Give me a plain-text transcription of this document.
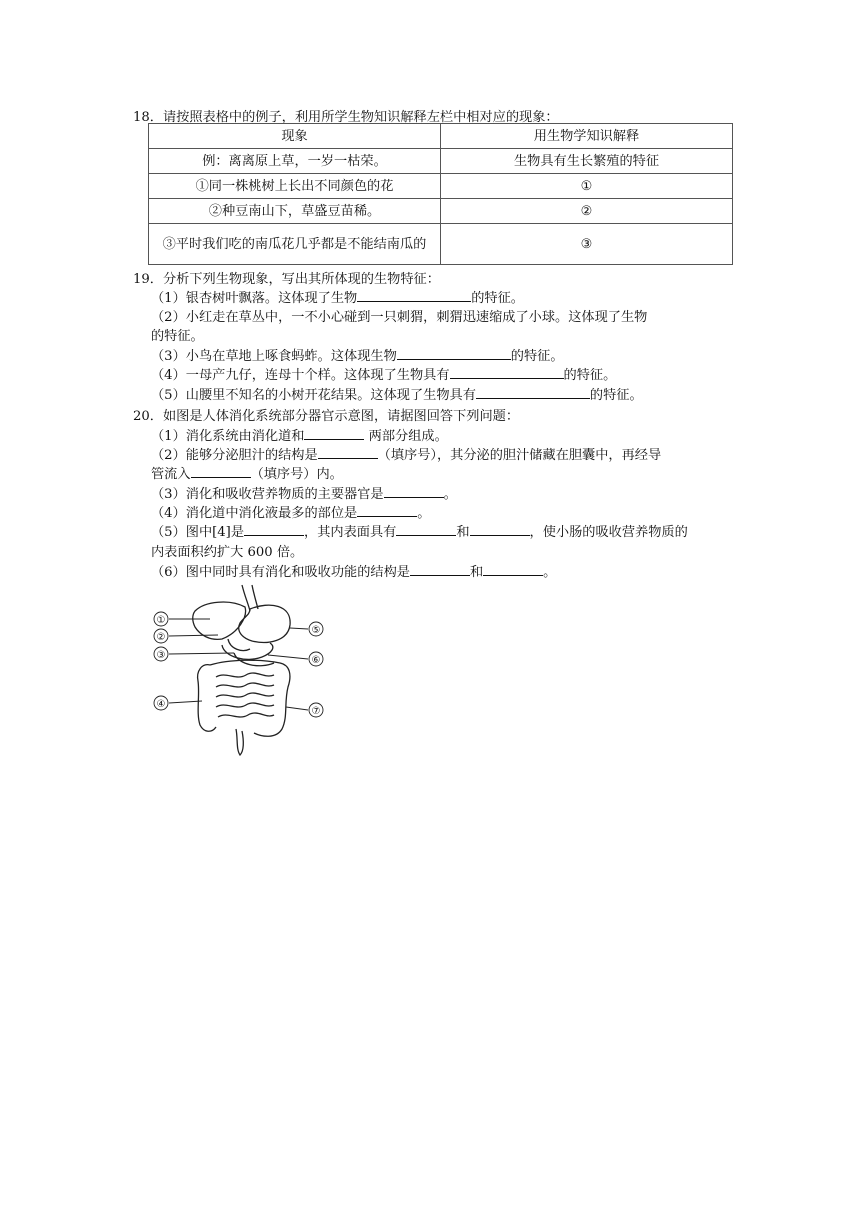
18．请按照表格中的例子，利用所学生物知识解释左栏中相对应的现象：
现象	用生物学知识解释
例：离离原上草，一岁一枯荣。	生物具有生长繁殖的特征
①同一株桃树上长出不同颜色的花	①
②种豆南山下，草盛豆苗稀。	②
③平时我们吃的南瓜花几乎都是不能结南瓜的	③
19．分析下列生物现象，写出其所体现的生物特征：
（1）银杏树叶飘落。这体现了生物	的特征。
（2）小红走在草丛中，一不小心碰到一只刺猬，刺猬迅速缩成了小球。这体现了生物
的特征。
（3）小鸟在草地上啄食蚂蚱。这体现生物	的特征。
（4）一母产九仔，连母十个样。这体现了生物具有	的特征。
（5）山腰里不知名的小树开花结果。这体现了生物具有	的特征。
20．如图是人体消化系统部分器官示意图，请据图回答下列问题：
（1）消化系统由消化道和	两部分组成。
（2）能够分泌胆汁的结构是	（填序号），其分泌的胆汁储藏在胆囊中，再经导
管流入	（填序号）内。
（3）消化和吸收营养物质的主要器官是	。
（4）消化道中消化液最多的部位是	。
（5）图中[4]是	，其内表面具有	和	，使小肠的吸收营养物质的
内表面积约扩大 600 倍。
（6）图中同时具有消化和吸收功能的结构是	和	。
①
②
③
④
⑤
⑥
⑦
